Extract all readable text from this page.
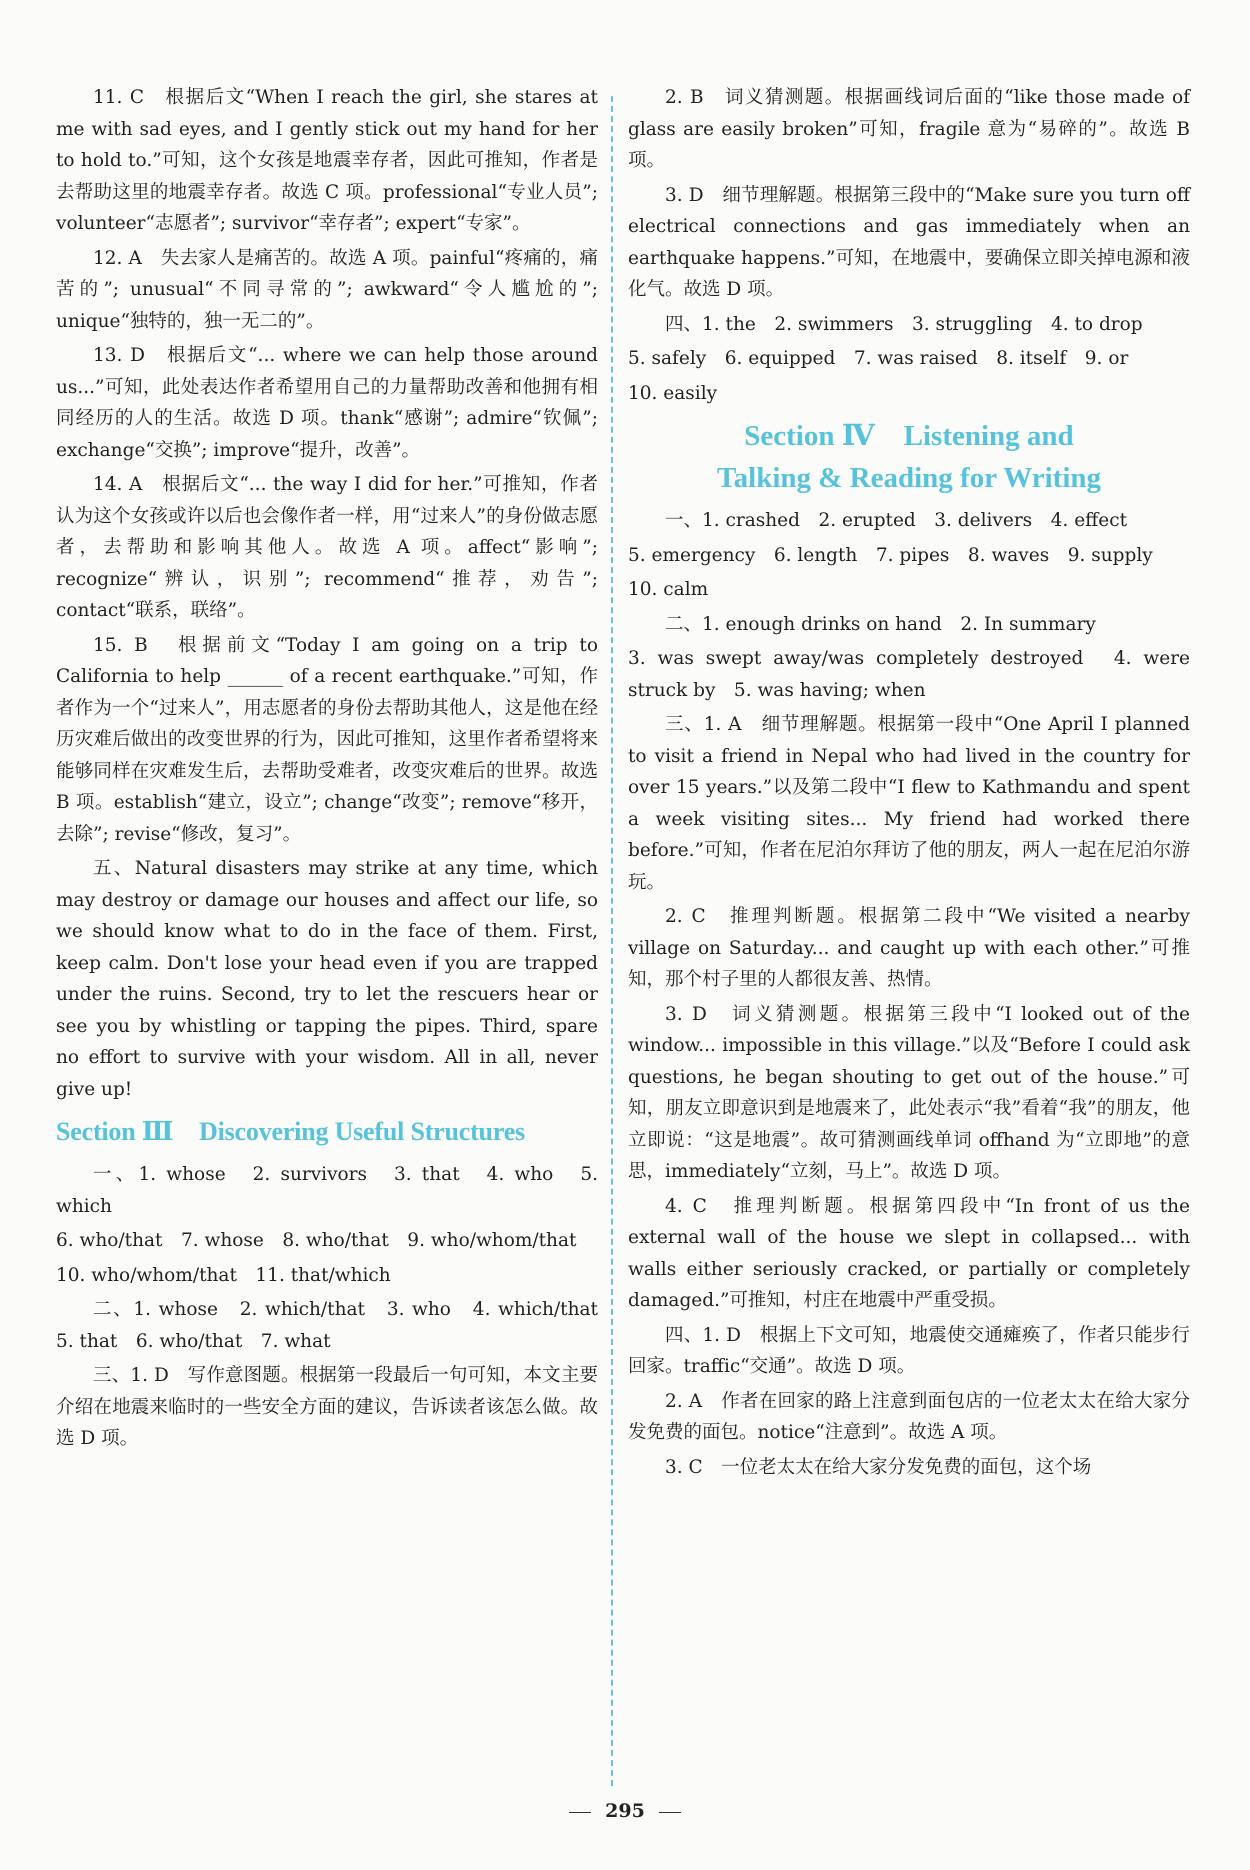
11. C　根据后文“When I reach the girl, she stares at me with sad eyes, and I gently stick out my hand for her to hold to.”可知，这个女孩是地震幸存者，因此可推知，作者是去帮助这里的地震幸存者。故选 C 项。professional“专业人员”; volunteer“志愿者”; survivor“幸存者”; expert“专家”。

12. A　失去家人是痛苦的。故选 A 项。painful“疼痛的，痛苦的”; unusual“不同寻常的”; awkward“令人尴尬的”; unique“独特的，独一无二的”。

13. D　根据后文“... where we can help those around us...”可知，此处表达作者希望用自己的力量帮助改善和他拥有相同经历的人的生活。故选 D 项。thank“感谢”; admire“钦佩”; exchange“交换”; improve“提升，改善”。

14. A　根据后文“... the way I did for her.”可推知，作者认为这个女孩或许以后也会像作者一样，用“过来人”的身份做志愿者，去帮助和影响其他人。故选 A 项。affect“影响”; recognize“辨认，识别”; recommend“推荐，劝告”; contact“联系，联络”。

15. B　根据前文“Today I am going on a trip to California to help ______ of a recent earthquake.”可知，作者作为一个“过来人”，用志愿者的身份去帮助其他人，这是他在经历灾难后做出的改变世界的行为，因此可推知，这里作者希望将来能够同样在灾难发生后，去帮助受难者，改变灾难后的世界。故选 B 项。establish“建立，设立”; change“改变”; remove“移开，去除”; revise“修改，复习”。

五、Natural disasters may strike at any time, which may destroy or damage our houses and affect our life, so we should know what to do in the face of them. First, keep calm. Don't lose your head even if you are trapped under the ruins. Second, try to let the rescuers hear or see you by whistling or tapping the pipes. Third, spare no effort to survive with your wisdom. All in all, never give up!

Section Ⅲ　Discovering Useful Structures

一、1. whose　2. survivors　3. that　4. who　5. which

6. who/that　7. whose　8. who/that　9. who/whom/that

10. who/whom/that　11. that/which

二、1. whose　2. which/that　3. who　4. which/that　5. that　6. who/that　7. what

三、1. D　写作意图题。根据第一段最后一句可知，本文主要介绍在地震来临时的一些安全方面的建议，告诉读者该怎么做。故选 D 项。

2. B　词义猜测题。根据画线词后面的“like those made of glass are easily broken”可知，fragile 意为“易碎的”。故选 B 项。

3. D　细节理解题。根据第三段中的“Make sure you turn off electrical connections and gas immediately when an earthquake happens.”可知，在地震中，要确保立即关掉电源和液化气。故选 D 项。

四、1. the　2. swimmers　3. struggling　4. to drop

5. safely　6. equipped　7. was raised　8. itself　9. or

10. easily

Section Ⅳ　Listening and
Talking & Reading for Writing

一、1. crashed　2. erupted　3. delivers　4. effect

5. emergency　6. length　7. pipes　8. waves　9. supply

10. calm

二、1. enough drinks on hand　2. In summary

3. was swept away/was completely destroyed　4. were struck by　5. was having; when

三、1. A　细节理解题。根据第一段中“One April I planned to visit a friend in Nepal who had lived in the country for over 15 years.”以及第二段中“I flew to Kathmandu and spent a week visiting sites... My friend had worked there before.”可知，作者在尼泊尔拜访了他的朋友，两人一起在尼泊尔游玩。

2. C　推理判断题。根据第二段中“We visited a nearby village on Saturday... and caught up with each other.”可推知，那个村子里的人都很友善、热情。

3. D　词义猜测题。根据第三段中“I looked out of the window... impossible in this village.”以及“Before I could ask questions, he began shouting to get out of the house.”可知，朋友立即意识到是地震来了，此处表示“我”看着“我”的朋友，他立即说：“这是地震”。故可猜测画线单词 offhand 为“立即地”的意思，immediately“立刻，马上”。故选 D 项。

4. C　推理判断题。根据第四段中“In front of us the external wall of the house we slept in collapsed... with walls either seriously cracked, or partially or completely damaged.”可推知，村庄在地震中严重受损。

四、1. D　根据上下文可知，地震使交通瘫痪了，作者只能步行回家。traffic“交通”。故选 D 项。

2. A　作者在回家的路上注意到面包店的一位老太太在给大家分发免费的面包。notice“注意到”。故选 A 项。

3. C　一位老太太在给大家分发免费的面包，这个场

295
